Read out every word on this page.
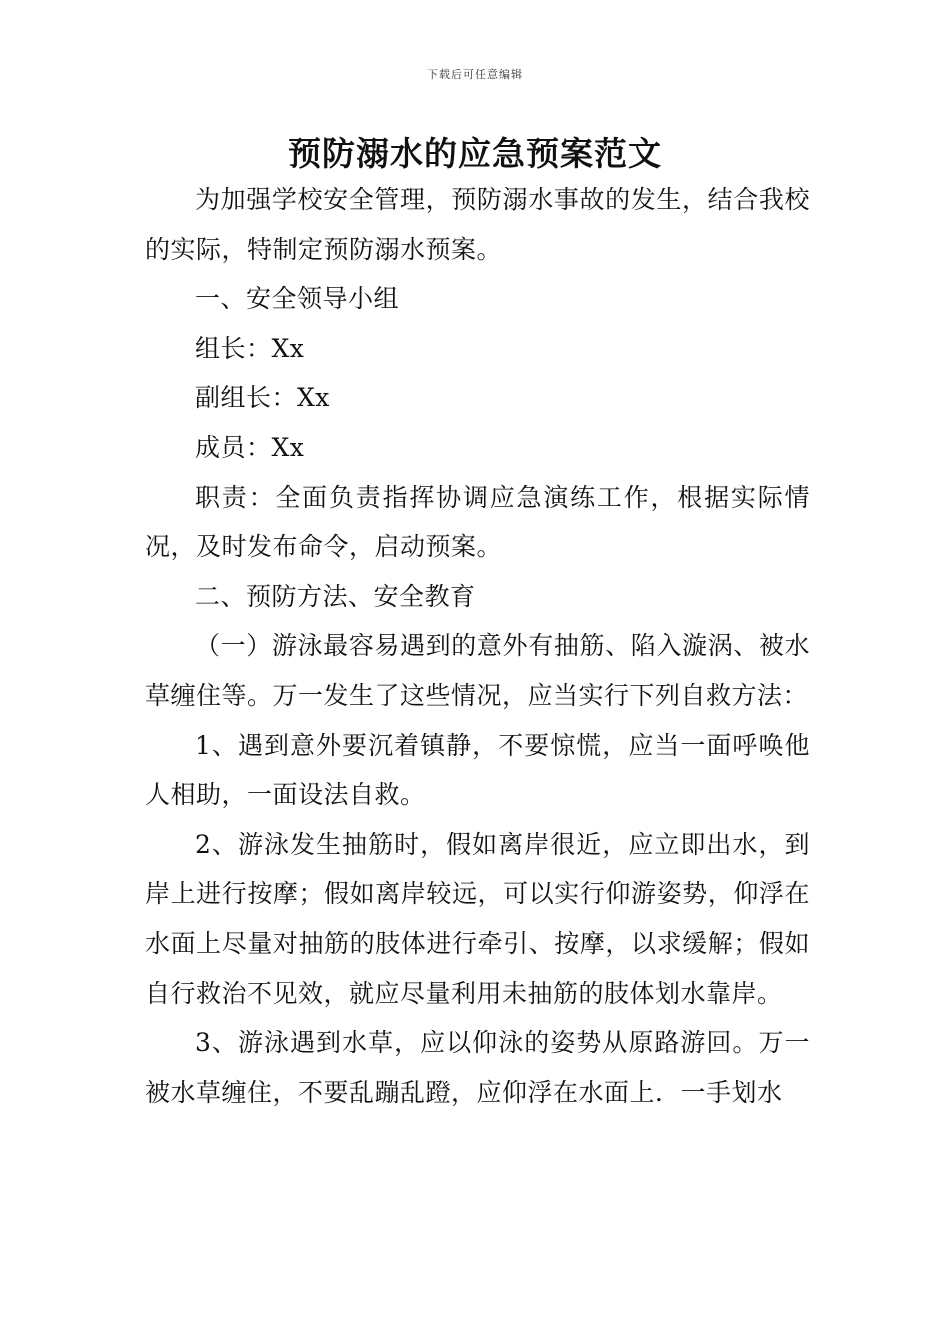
下载后可任意编辑
预防溺水的应急预案范文

为加强学校安全管理，预防溺水事故的发生，结合我校的实际，特制定预防溺水预案。

一、安全领导小组

组长：Xx

副组长：Xx

成员：Xx

职责：全面负责指挥协调应急演练工作，根据实际情况，及时发布命令，启动预案。

二、预防方法、安全教育

（一）游泳最容易遇到的意外有抽筋、陷入漩涡、被水草缠住等。万一发生了这些情况，应当实行下列自救方法：

1、遇到意外要沉着镇静，不要惊慌，应当一面呼唤他人相助，一面设法自救。

2、游泳发生抽筋时，假如离岸很近，应立即出水，到岸上进行按摩；假如离岸较远，可以实行仰游姿势，仰浮在水面上尽量对抽筋的肢体进行牵引、按摩，以求缓解；假如自行救治不见效，就应尽量利用未抽筋的肢体划水靠岸。

3、游泳遇到水草，应以仰泳的姿势从原路游回。万一被水草缠住，不要乱蹦乱蹬，应仰浮在水面上．一手划水
